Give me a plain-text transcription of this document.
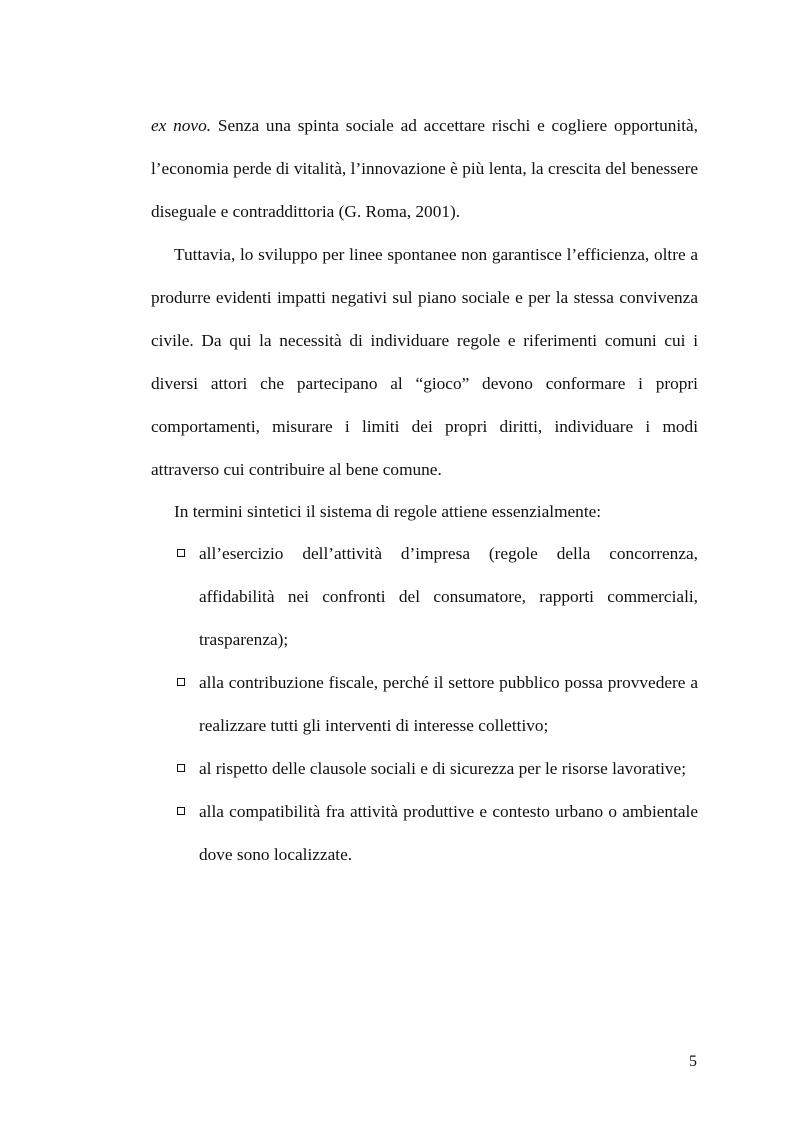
ex novo. Senza una spinta sociale ad accettare rischi e cogliere opportunità, l’economia perde di vitalità, l’innovazione è più lenta, la crescita del benessere diseguale e contraddittoria (G. Roma, 2001).

Tuttavia, lo sviluppo per linee spontanee non garantisce l’efficienza, oltre a produrre evidenti impatti negativi sul piano sociale e per la stessa convivenza civile. Da qui la necessità di individuare regole e riferimenti comuni cui i diversi attori che partecipano al “gioco” devono conformare i propri comportamenti, misurare i limiti dei propri diritti, individuare i modi attraverso cui contribuire al bene comune.

In termini sintetici il sistema di regole attiene essenzialmente:

all’esercizio dell’attività d’impresa (regole della concorrenza, affidabilità nei confronti del consumatore, rapporti commerciali, trasparenza);
alla contribuzione fiscale, perché il settore pubblico possa provvedere a realizzare tutti gli interventi di interesse collettivo;
al rispetto delle clausole sociali e di sicurezza per le risorse lavorative;
alla compatibilità fra attività produttive e contesto urbano o ambientale dove sono localizzate.
5
